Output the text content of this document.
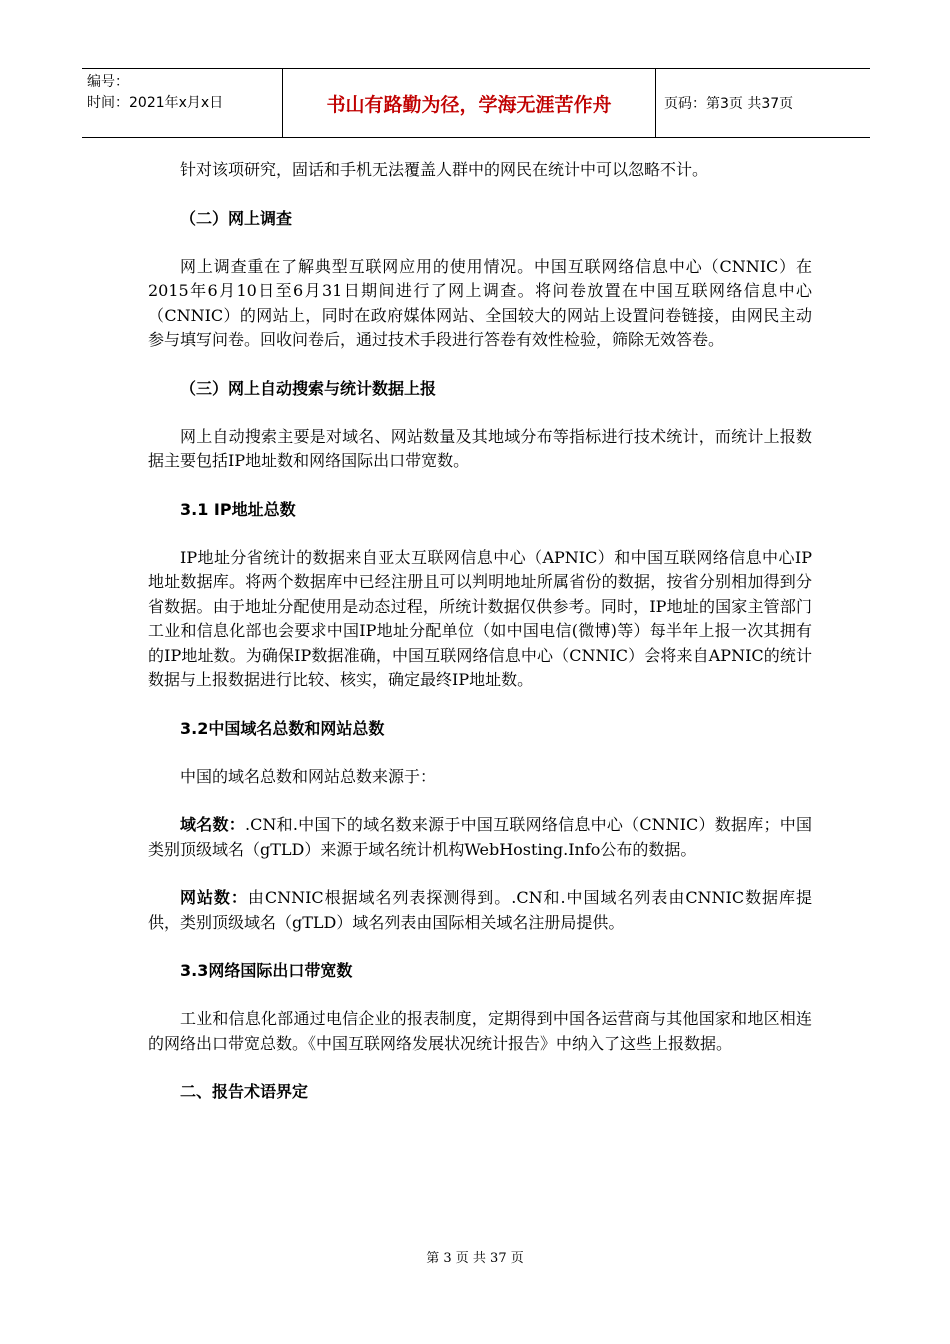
编号：
时间：2021年x月x日	书山有路勤为径，学海无涯苦作舟	页码：第3页 共37页

针对该项研究，固话和手机无法覆盖人群中的网民在统计中可以忽略不计。

（二）网上调查

网上调查重在了解典型互联网应用的使用情况。中国互联网络信息中心（CNNIC）在2015年6月10日至6月31日期间进行了网上调查。将问卷放置在中国互联网络信息中心（CNNIC）的网站上，同时在政府媒体网站、全国较大的网站上设置问卷链接，由网民主动参与填写问卷。回收问卷后，通过技术手段进行答卷有效性检验，筛除无效答卷。

（三）网上自动搜索与统计数据上报

网上自动搜索主要是对域名、网站数量及其地域分布等指标进行技术统计，而统计上报数据主要包括IP地址数和网络国际出口带宽数。

3.1 IP地址总数

IP地址分省统计的数据来自亚太互联网信息中心（APNIC）和中国互联网络信息中心IP地址数据库。将两个数据库中已经注册且可以判明地址所属省份的数据，按省分别相加得到分省数据。由于地址分配使用是动态过程，所统计数据仅供参考。同时，IP地址的国家主管部门工业和信息化部也会要求中国IP地址分配单位（如中国电信(微博)等）每半年上报一次其拥有的IP地址数。为确保IP数据准确，中国互联网络信息中心（CNNIC）会将来自APNIC的统计数据与上报数据进行比较、核实，确定最终IP地址数。

3.2中国域名总数和网站总数

中国的域名总数和网站总数来源于：

域名数：.CN和.中国下的域名数来源于中国互联网络信息中心（CNNIC）数据库；中国类别顶级域名（gTLD）来源于域名统计机构WebHosting.Info公布的数据。

网站数：由CNNIC根据域名列表探测得到。.CN和.中国域名列表由CNNIC数据库提供，类别顶级域名（gTLD）域名列表由国际相关域名注册局提供。

3.3网络国际出口带宽数

工业和信息化部通过电信企业的报表制度，定期得到中国各运营商与其他国家和地区相连的网络出口带宽总数。《中国互联网络发展状况统计报告》中纳入了这些上报数据。

二、报告术语界定
第 3 页 共 37 页
